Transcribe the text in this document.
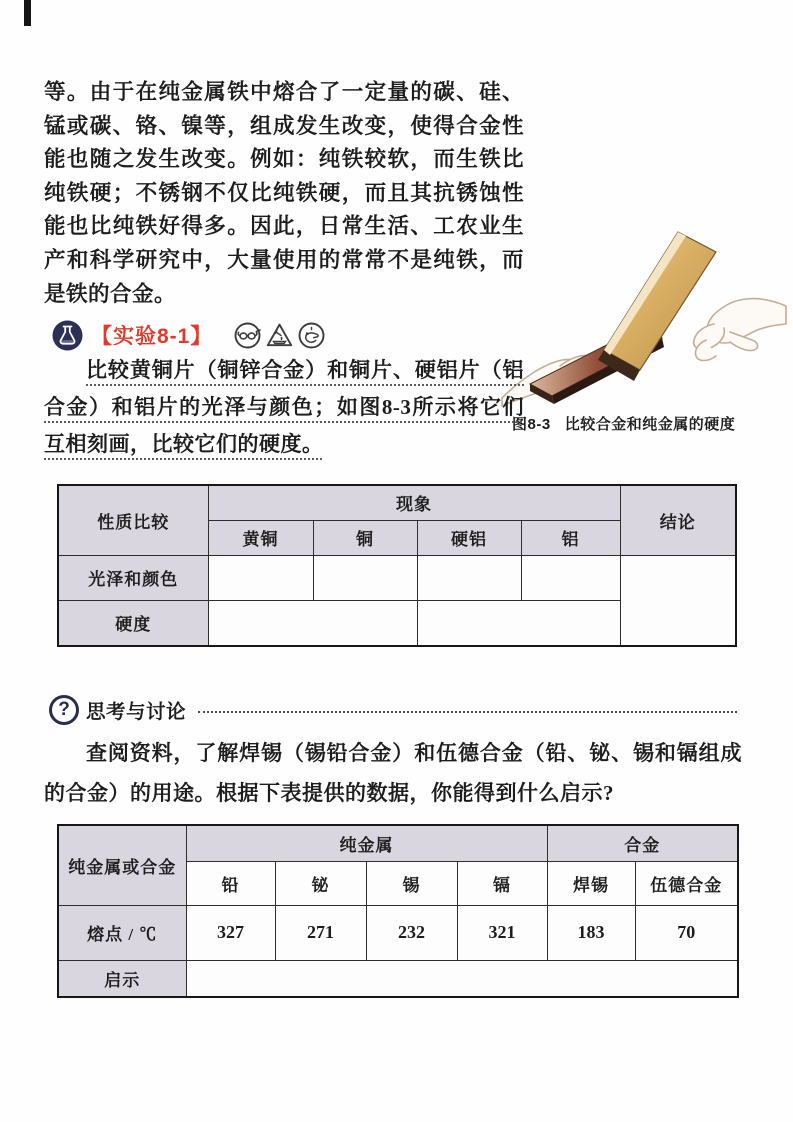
等。由于在纯金属铁中熔合了一定量的碳、硅、锰或碳、铬、镍等，组成发生改变，使得合金性能也随之发生改变。例如：纯铁较软，而生铁比纯铁硬；不锈钢不仅比纯铁硬，而且其抗锈蚀性能也比纯铁好得多。因此，日常生活、工农业生产和科学研究中，大量使用的常常不是纯铁，而是铁的合金。
图8-3 比较合金和纯金属的硬度
【实验8-1】
比较黄铜片（铜锌合金）和铜片、硬铝片（铝合金）和铝片的光泽与颜色；如图8-3所示将它们互相刻画，比较它们的硬度。
性质比较	现象				结论
	黄铜	铜	硬铝	铝	
光泽和颜色					
硬度					
? 思考与讨论
查阅资料，了解焊锡（锡铅合金）和伍德合金（铅、铋、锡和镉组成的合金）的用途。根据下表提供的数据，你能得到什么启示?
纯金属或合金	纯金属				合金	
	铅	铋	锡	镉	焊锡	伍德合金
熔点 / ℃	327	271	232	321	183	70
启示						
